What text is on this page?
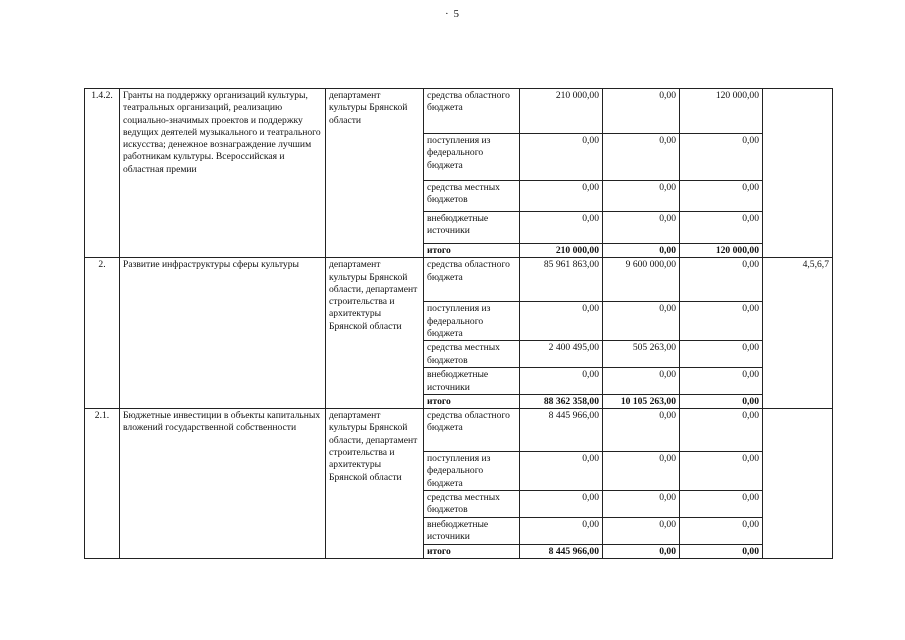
· 5
1.4.2.	Гранты на поддержку организаций культуры, театральных организаций, реализацию социально-значимых проектов и поддержку ведущих деятелей музыкального и театрального искусства; денежное вознаграждение лучшим работникам культуры. Всероссийская и областная премии	департамент культуры Брянской области	средства областного бюджета	210 000,00	0,00	120 000,00	
			поступления из федерального бюджета	0,00	0,00	0,00	
			средства местных бюджетов	0,00	0,00	0,00	
			внебюджетные источники	0,00	0,00	0,00	
			итого	210 000,00	0,00	120 000,00	
2.	Развитие инфраструктуры сферы культуры	департамент культуры Брянской области, департамент строительства и архитектуры Брянской области	средства областного бюджета	85 961 863,00	9 600 000,00	0,00	4,5,6,7
			поступления из федерального бюджета	0,00	0,00	0,00	
			средства местных бюджетов	2 400 495,00	505 263,00	0,00	
			внебюджетные источники	0,00	0,00	0,00	
			итого	88 362 358,00	10 105 263,00	0,00	
2.1.	Бюджетные инвестиции в объекты капитальных вложений государственной собственности	департамент культуры Брянской области, департамент строительства и архитектуры Брянской области	средства областного бюджета	8 445 966,00	0,00	0,00	
			поступления из федерального бюджета	0,00	0,00	0,00	
			средства местных бюджетов	0,00	0,00	0,00	
			внебюджетные источники	0,00	0,00	0,00	
			итого	8 445 966,00	0,00	0,00	
